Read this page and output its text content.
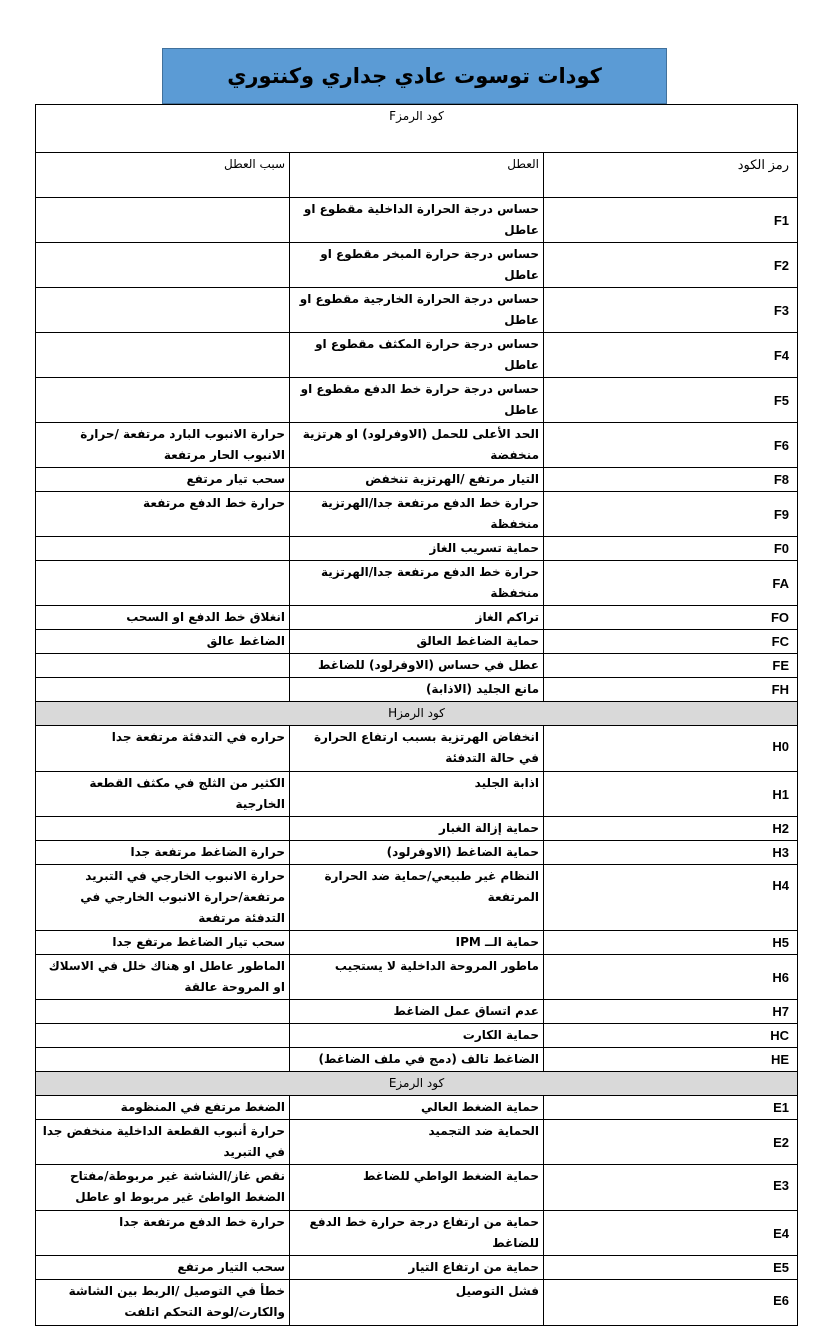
كودات توسوت عادي جداري وكنتوري
كود الرمزF		
رمز الكود	العطل	سبب العطل
F1	حساس درجة الحرارة الداخلية مقطوع او عاطل	
F2	حساس درجة حرارة المبخر مقطوع او عاطل	
F3	حساس درجة الحرارة الخارجية مقطوع او عاطل	
F4	حساس درجة حرارة المكثف مقطوع او عاطل	
F5	حساس درجة حرارة خط الدفع مقطوع او عاطل	
F6	الحد الأعلى للحمل (الاوفرلود) او هرتزية منخفضة	حرارة الانبوب البارد مرتفعة /حرارة الانبوب الحار مرتفعة
F8	التيار مرتفع /الهرتزية تنخفض	سحب تيار مرتفع
F9	حرارة خط الدفع مرتفعة جدا/الهرتزية منخفظة	حرارة خط الدفع مرتفعة
F0	حماية تسريب الغاز	
FA	حرارة خط الدفع مرتفعة جدا/الهرتزية منخفظة	
FO	تراكم الغاز	انغلاق خط الدفع او السحب
FC	حماية الضاغط العالق	الضاغط عالق
FE	عطل في حساس (الاوفرلود) للضاغط	
FH	مانع الجليد (الاذابة)	
كود الرمزH		
H0	انخفاض الهرتزية بسبب ارتفاع الحرارة في حالة التدفئة	حراره في التدفئة مرتفعة جدا
H1	اذابة الجليد	الكثير من الثلج في مكثف القطعة الخارجية
H2	حماية إزالة الغبار	
H3	حماية الضاغط (الاوفرلود)	حرارة الضاغط مرتفعة جدا
H4	النظام غير طبيعي/حماية ضد الحرارة المرتفعة	حرارة الانبوب الخارجي في التبريد مرتفعة/حرارة الانبوب الخارجي في التدفئة مرتفعة
H5	حماية الــ IPM	سحب تيار الضاغط مرتفع جدا
H6	ماطور المروحة الداخلية لا يستجيب	الماطور عاطل او هناك خلل في الاسلاك او المروحة عالقة
H7	عدم اتساق عمل الضاغط	
HC	حماية الكارت	
HE	الضاغط تالف (دمج في ملف الضاغط)	
كود الرمزE		
E1	حماية الضغط العالي	الضغط مرتفع في المنظومة
E2	الحماية ضد التجميد	حرارة أنبوب القطعة الداخلية منخفض جدا في التبريد
E3	حماية الضغط الواطي للضاغط	نقص غاز/الشاشة غير مربوطة/مفتاح الضغط الواطئ غير مربوط او عاطل
E4	حماية من ارتفاع درجة حرارة خط الدفع للضاغط	حرارة خط الدفع مرتفعة جدا
E5	حماية من ارتفاع التيار	سحب التيار مرتفع
E6	فشل التوصيل	خطأ في التوصيل /الربط بين الشاشة والكارت/لوحة التحكم اتلفت
